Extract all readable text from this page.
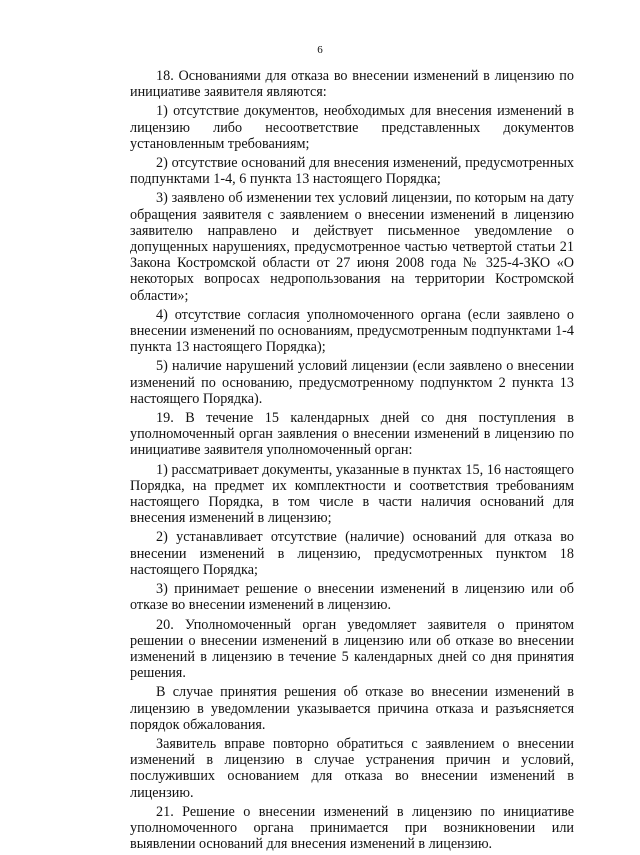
6

18. Основаниями для отказа во внесении изменений в лицензию по инициативе заявителя являются:

1) отсутствие документов, необходимых для внесения изменений в лицензию либо несоответствие представленных документов установленным требованиям;

2) отсутствие оснований для внесения изменений, предусмотренных подпунктами 1-4, 6 пункта 13 настоящего Порядка;

3) заявлено об изменении тех условий лицензии, по которым на дату обращения заявителя с заявлением о внесении изменений в лицензию заявителю направлено и действует письменное уведомление о допущенных нарушениях, предусмотренное частью четвертой статьи 21 Закона Костромской области от 27 июня 2008 года № 325-4-ЗКО «О некоторых вопросах недропользования на территории Костромской области»;

4) отсутствие согласия уполномоченного органа (если заявлено о внесении изменений по основаниям, предусмотренным подпунктами 1-4 пункта 13 настоящего Порядка);

5) наличие нарушений условий лицензии (если заявлено о внесении изменений по основанию, предусмотренному подпунктом 2 пункта 13 настоящего Порядка).

19. В течение 15 календарных дней со дня поступления в уполномоченный орган заявления о внесении изменений в лицензию по инициативе заявителя уполномоченный орган:

1) рассматривает документы, указанные в пунктах 15, 16 настоящего Порядка, на предмет их комплектности и соответствия требованиям настоящего Порядка, в том числе в части наличия оснований для внесения изменений в лицензию;

2) устанавливает отсутствие (наличие) оснований для отказа во внесении изменений в лицензию, предусмотренных пунктом 18 настоящего Порядка;

3) принимает решение о внесении изменений в лицензию или об отказе во внесении изменений в лицензию.

20. Уполномоченный орган уведомляет заявителя о принятом решении о внесении изменений в лицензию или об отказе во внесении изменений в лицензию в течение 5 календарных дней со дня принятия решения.

В случае принятия решения об отказе во внесении изменений в лицензию в уведомлении указывается причина отказа и разъясняется порядок обжалования.

Заявитель вправе повторно обратиться с заявлением о внесении изменений в лицензию в случае устранения причин и условий, послуживших основанием для отказа во внесении изменений в лицензию.

21. Решение о внесении изменений в лицензию по инициативе уполномоченного органа принимается при возникновении или выявлении оснований для внесения изменений в лицензию.
